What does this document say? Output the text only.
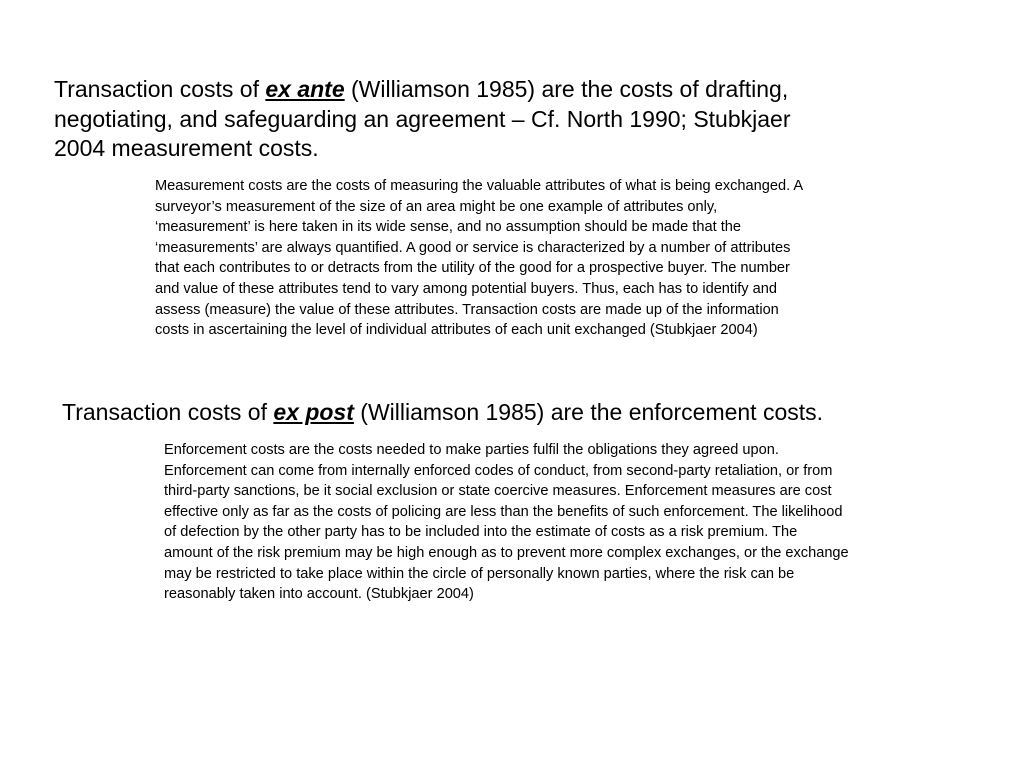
Transaction costs of ex ante (Williamson 1985) are the costs of drafting,
negotiating, and safeguarding an agreement – Cf. North 1990; Stubkjaer
2004 measurement costs.

Measurement costs are the costs of measuring the valuable attributes of what is being exchanged. A
surveyor’s measurement of the size of an area might be one example of attributes only,
‘measurement’ is here taken in its wide sense, and no assumption should be made that the
‘measurements’ are always quantified. A good or service is characterized by a number of attributes
that each contributes to or detracts from the utility of the good for a prospective buyer. The number
and value of these attributes tend to vary among potential buyers. Thus, each has to identify and
assess (measure) the value of these attributes. Transaction costs are made up of the information
costs in ascertaining the level of individual attributes of each unit exchanged (Stubkjaer 2004)

Transaction costs of ex post (Williamson 1985) are the enforcement costs.

Enforcement costs are the costs needed to make parties fulfil the obligations they agreed upon.
Enforcement can come from internally enforced codes of conduct, from second-party retaliation, or from
third-party sanctions, be it social exclusion or state coercive measures. Enforcement measures are cost
effective only as far as the costs of policing are less than the benefits of such enforcement. The likelihood
of defection by the other party has to be included into the estimate of costs as a risk premium. The
amount of the risk premium may be high enough as to prevent more complex exchanges, or the exchange
may be restricted to take place within the circle of personally known parties, where the risk can be
reasonably taken into account. (Stubkjaer 2004)
